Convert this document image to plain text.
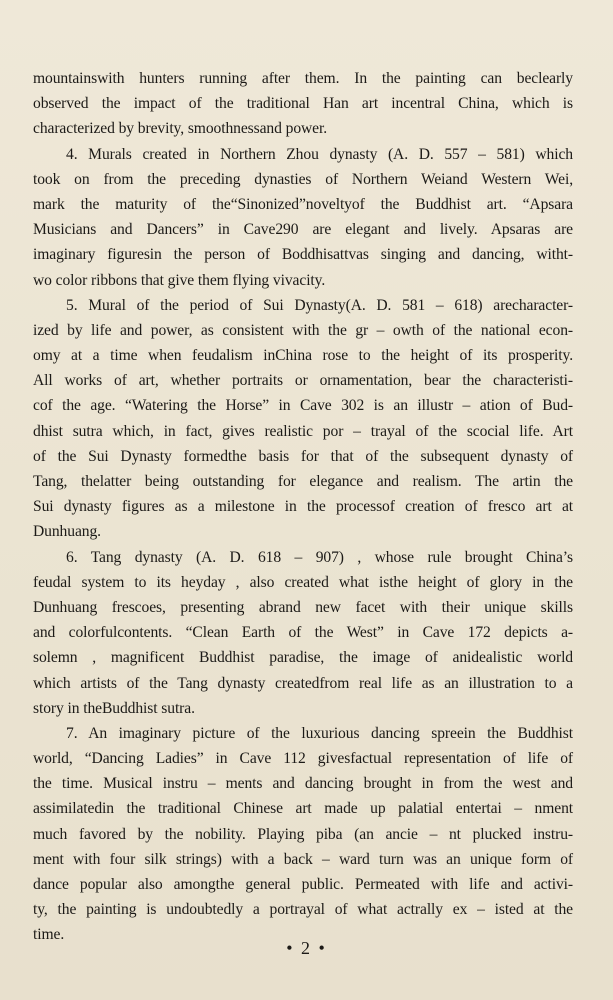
mountainswith hunters running after them. In the painting can beclearly
observed the impact of the traditional Han art incentral China, which is
characterized by brevity, smoothnessand power.
4. Murals created in Northern Zhou dynasty (A. D. 557 – 581) which
took on from the preceding dynasties of Northern Weiand Western Wei,
mark the maturity of the“Sinonized”noveltyof the Buddhist art. “Apsara
Musicians and Dancers” in Cave290 are elegant and lively. Apsaras are
imaginary figuresin the person of Boddhisattvas singing and dancing, witht-
wo color ribbons that give them flying vivacity.
5. Mural of the period of Sui Dynasty(A. D. 581 – 618) arecharacter-
ized by life and power, as consistent with the gr – owth of the national econ-
omy at a time when feudalism inChina rose to the height of its prosperity.
All works of art, whether portraits or ornamentation, bear the characteristi-
cof the age. “Watering the Horse” in Cave 302 is an illustr – ation of Bud-
dhist sutra which, in fact, gives realistic por – trayal of the scocial life. Art
of the Sui Dynasty formedthe basis for that of the subsequent dynasty of
Tang, thelatter being outstanding for elegance and realism. The artin the
Sui dynasty figures as a milestone in the processof creation of fresco art at
Dunhuang.
6. Tang dynasty (A. D. 618 – 907) , whose rule brought China’s
feudal system to its heyday , also created what isthe height of glory in the
Dunhuang frescoes, presenting abrand new facet with their unique skills
and colorfulcontents. “Clean Earth of the West” in Cave 172 depicts a-
solemn , magnificent Buddhist paradise, the image of anidealistic world
which artists of the Tang dynasty createdfrom real life as an illustration to a
story in theBuddhist sutra.
7. An imaginary picture of the luxurious dancing spreein the Buddhist
world, “Dancing Ladies” in Cave 112 givesfactual representation of life of
the time. Musical instru – ments and dancing brought in from the west and
assimilatedin the traditional Chinese art made up palatial entertai – nment
much favored by the nobility. Playing piba (an ancie – nt plucked instru-
ment with four silk strings) with a back – ward turn was an unique form of
dance popular also amongthe general public. Permeated with life and activi-
ty, the painting is undoubtedly a portrayal of what actrally ex – isted at the
time.
• 2 •
